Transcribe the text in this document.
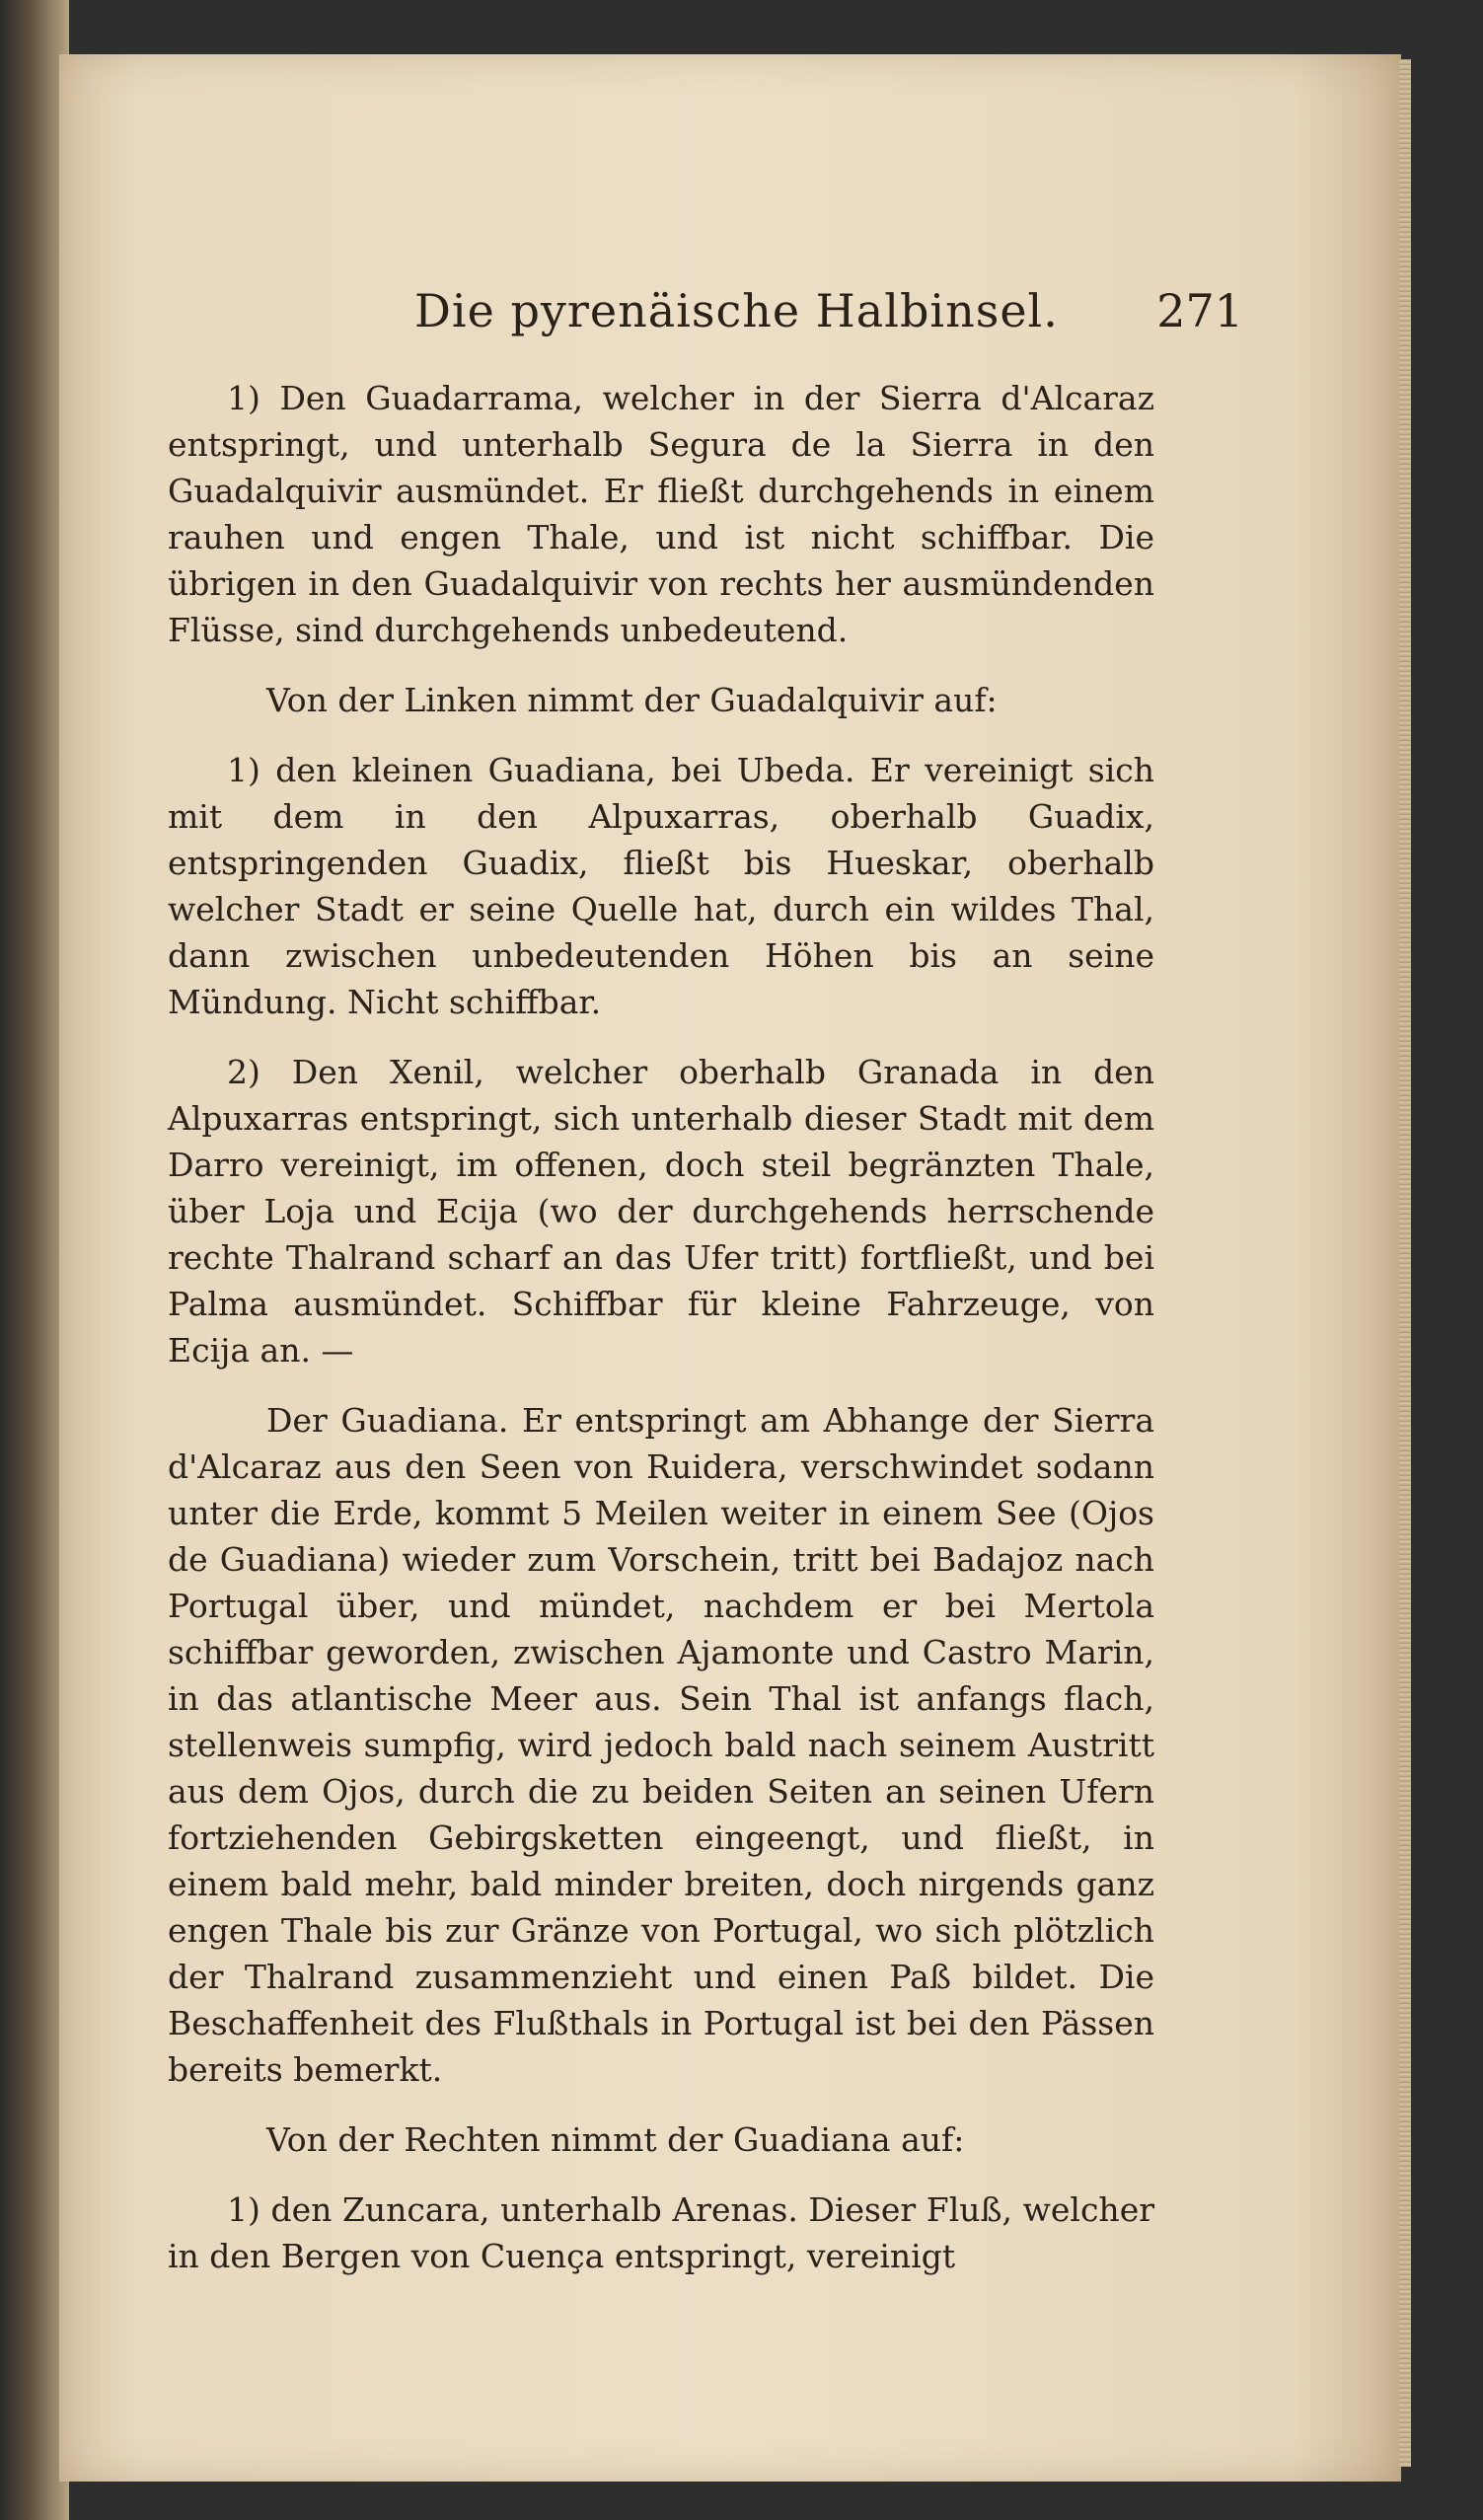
Die pyrenäische Halbinsel. 271

1) Den Guadarrama, welcher in der Sierra d'Alcaraz entspringt, und unterhalb Segura de la Sierra in den Guadalquivir ausmündet. Er fließt durchgehends in einem rauhen und engen Thale, und ist nicht schiffbar. Die übrigen in den Guadalquivir von rechts her ausmündenden Flüsse, sind durchgehends unbedeutend.

Von der Linken nimmt der Guadalquivir auf:

1) den kleinen Guadiana, bei Ubeda. Er vereinigt sich mit dem in den Alpuxarras, oberhalb Guadix, entspringenden Guadix, fließt bis Hueskar, oberhalb welcher Stadt er seine Quelle hat, durch ein wildes Thal, dann zwischen unbedeutenden Höhen bis an seine Mündung. Nicht schiffbar.

2) Den Xenil, welcher oberhalb Granada in den Alpuxarras entspringt, sich unterhalb dieser Stadt mit dem Darro vereinigt, im offenen, doch steil begränzten Thale, über Loja und Ecija (wo der durchgehends herrschende rechte Thalrand scharf an das Ufer tritt) fortfließt, und bei Palma ausmündet. Schiffbar für kleine Fahrzeuge, von Ecija an. —

Der Guadiana. Er entspringt am Abhange der Sierra d'Alcaraz aus den Seen von Ruidera, verschwindet sodann unter die Erde, kommt 5 Meilen weiter in einem See (Ojos de Guadiana) wieder zum Vorschein, tritt bei Badajoz nach Portugal über, und mündet, nachdem er bei Mertola schiffbar geworden, zwischen Ajamonte und Castro Marin, in das atlantische Meer aus. Sein Thal ist anfangs flach, stellenweis sumpfig, wird jedoch bald nach seinem Austritt aus dem Ojos, durch die zu beiden Seiten an seinen Ufern fortziehenden Gebirgsketten eingeengt, und fließt, in einem bald mehr, bald minder breiten, doch nirgends ganz engen Thale bis zur Gränze von Portugal, wo sich plötzlich der Thalrand zusammenzieht und einen Paß bildet. Die Beschaffenheit des Flußthals in Portugal ist bei den Pässen bereits bemerkt.

Von der Rechten nimmt der Guadiana auf:

1) den Zuncara, unterhalb Arenas. Dieser Fluß, welcher in den Bergen von Cuença entspringt, vereinigt
